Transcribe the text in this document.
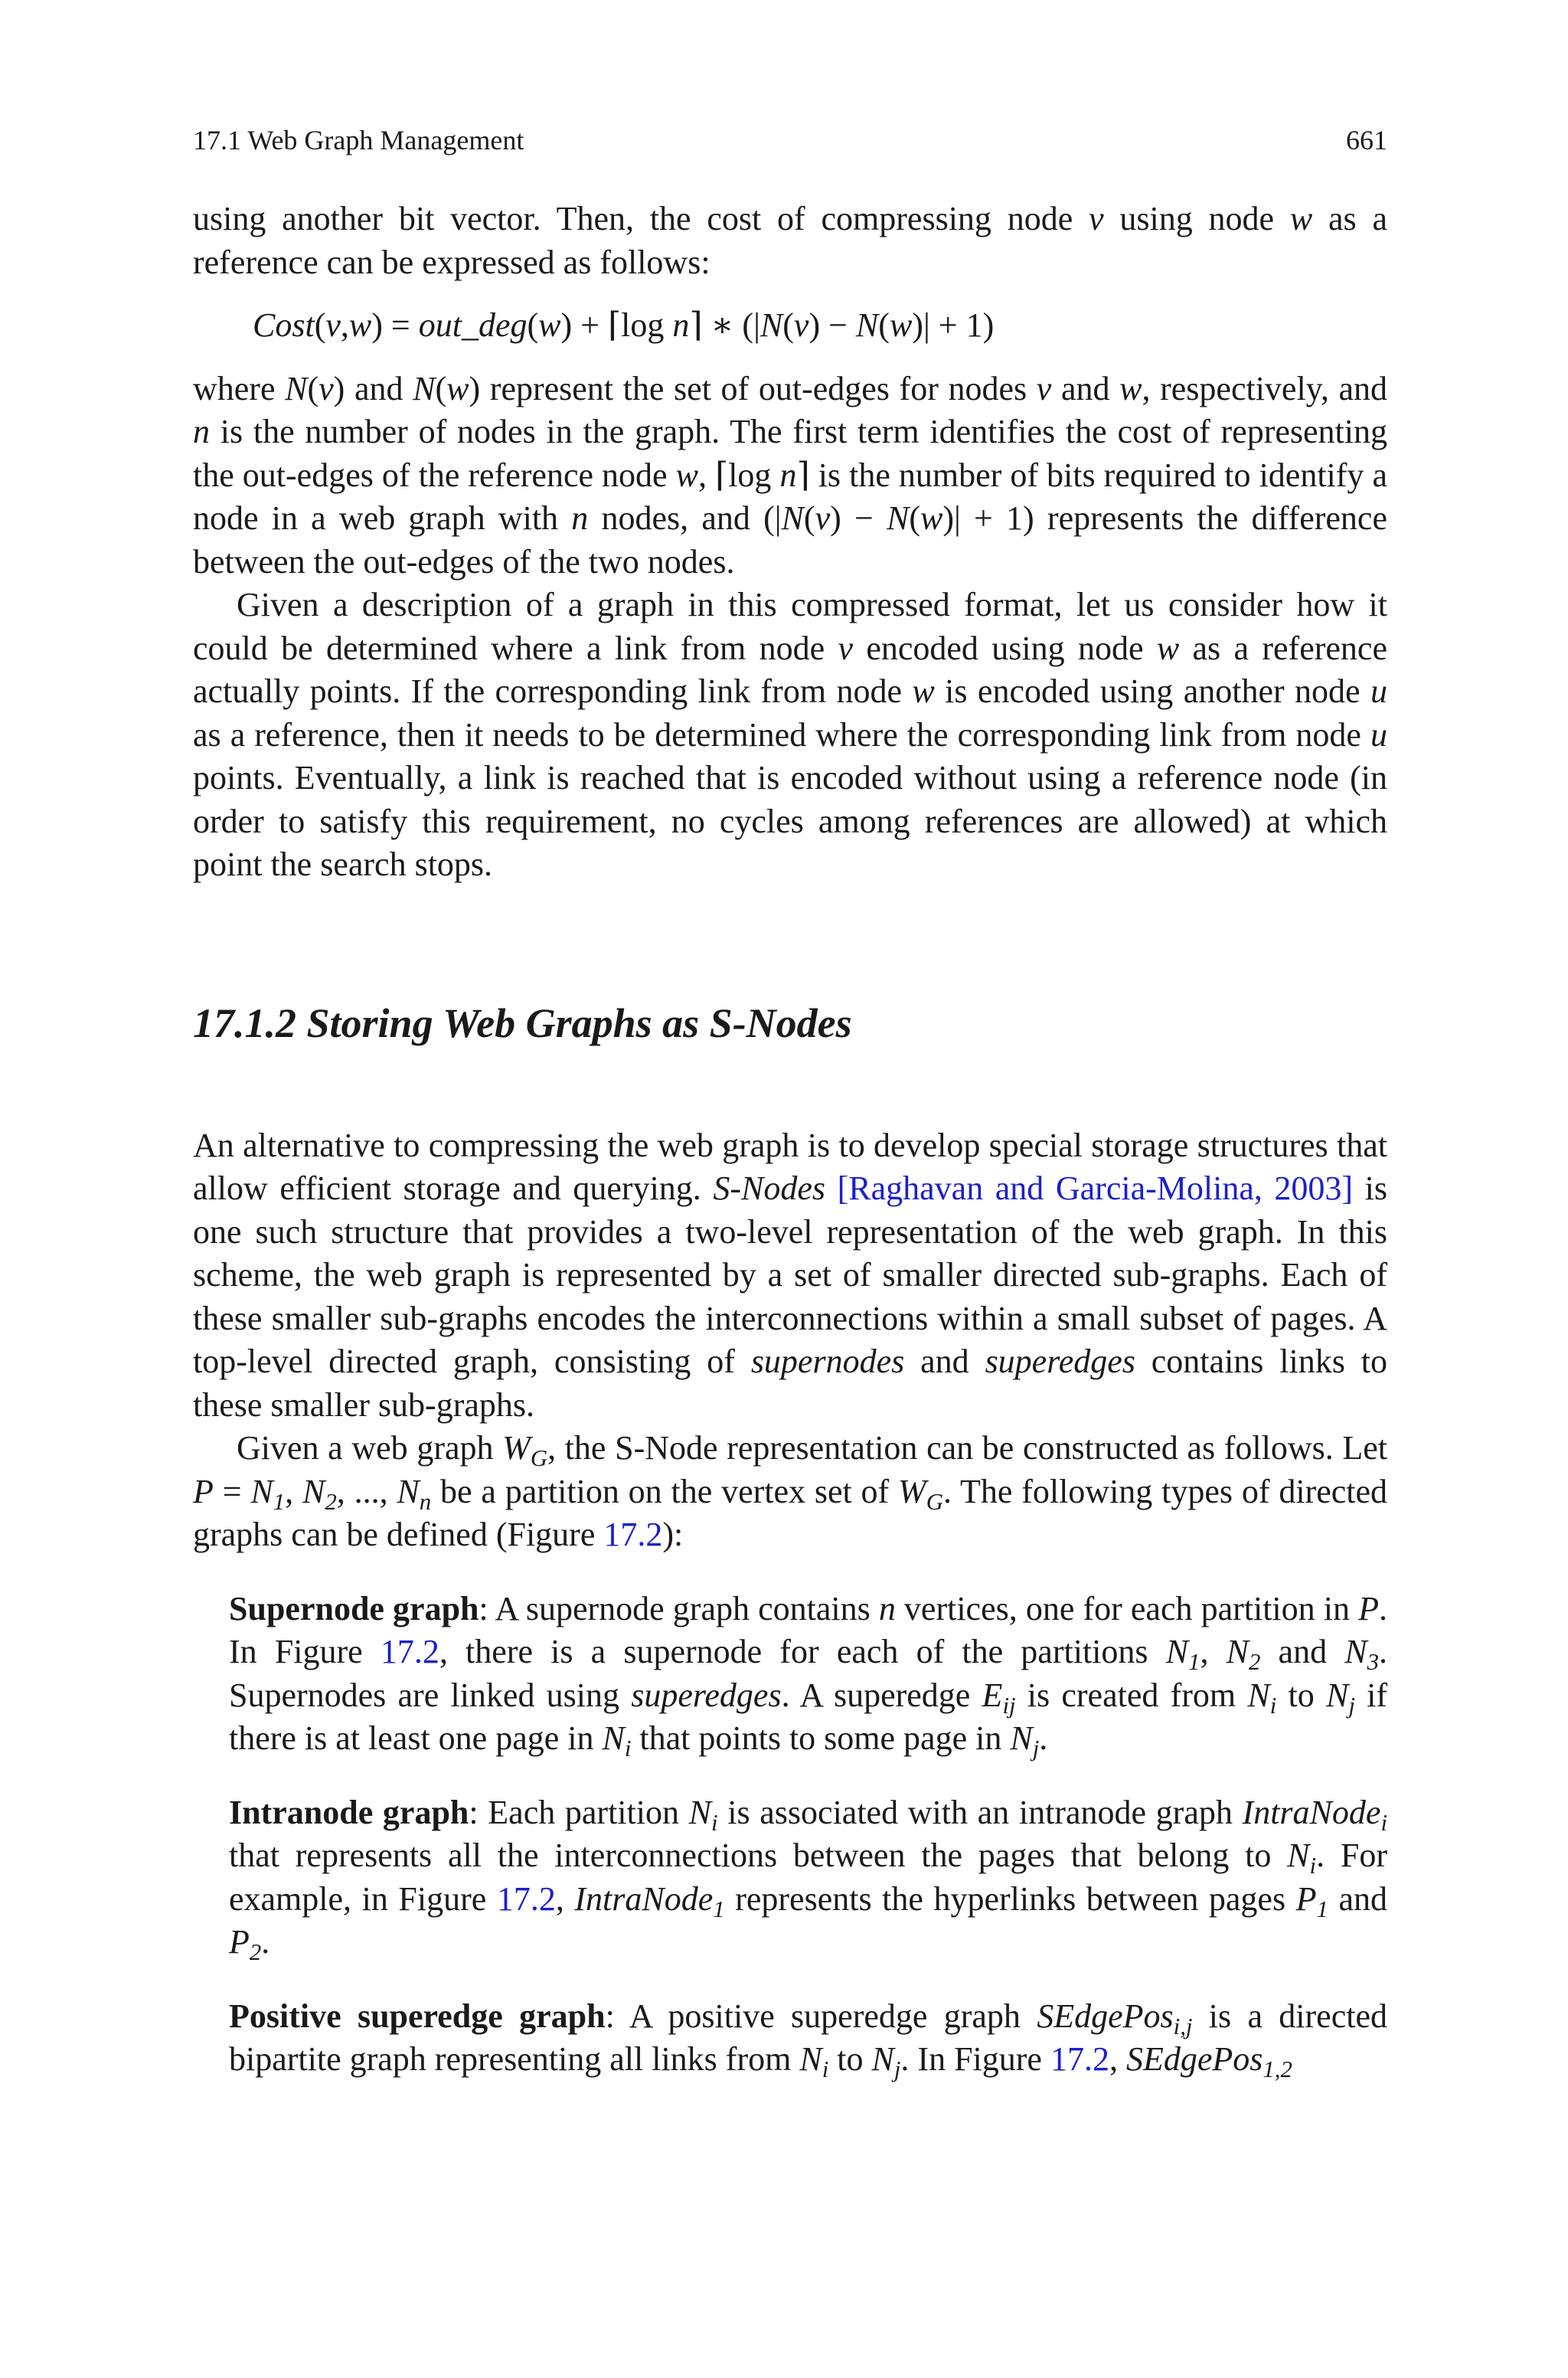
17.1 Web Graph Management	661

using another bit vector. Then, the cost of compressing node v using node w as a reference can be expressed as follows:

Cost(v,w) = out_deg(w) + ⌈log n⌉ ∗ (|N(v) − N(w)| + 1)

where N(v) and N(w) represent the set of out-edges for nodes v and w, respectively, and n is the number of nodes in the graph. The first term identifies the cost of representing the out-edges of the reference node w, ⌈log n⌉ is the number of bits required to identify a node in a web graph with n nodes, and (|N(v) − N(w)| + 1) represents the difference between the out-edges of the two nodes.

Given a description of a graph in this compressed format, let us consider how it could be determined where a link from node v encoded using node w as a reference actually points. If the corresponding link from node w is encoded using another node u as a reference, then it needs to be determined where the corresponding link from node u points. Eventually, a link is reached that is encoded without using a reference node (in order to satisfy this requirement, no cycles among references are allowed) at which point the search stops.

17.1.2 Storing Web Graphs as S-Nodes

An alternative to compressing the web graph is to develop special storage structures that allow efficient storage and querying. S-Nodes [Raghavan and Garcia-Molina, 2003] is one such structure that provides a two-level representation of the web graph. In this scheme, the web graph is represented by a set of smaller directed sub-graphs. Each of these smaller sub-graphs encodes the interconnections within a small subset of pages. A top-level directed graph, consisting of supernodes and superedges contains links to these smaller sub-graphs.

Given a web graph $W_G$, the S-Node representation can be constructed as follows. Let $P = N_1$, $N_2$, ..., $N_n$ be a partition on the vertex set of $W_G$. The following types of directed graphs can be defined (Figure 17.2):

Supernode graph: A supernode graph contains n vertices, one for each partition in P. In Figure 17.2, there is a supernode for each of the partitions $N_1$, $N_2$ and $N_3$. Supernodes are linked using superedges. A superedge $E_{ij}$ is created from $N_i$ to $N_j$ if there is at least one page in $N_i$ that points to some page in $N_j$.

Intranode graph: Each partition $N_i$ is associated with an intranode graph IntraNode$_i$ that represents all the interconnections between the pages that belong to $N_i$. For example, in Figure 17.2, IntraNode$_1$ represents the hyperlinks between pages $P_1$ and $P_2$.

Positive superedge graph: A positive superedge graph SEdgePos$_{i,j}$ is a directed bipartite graph representing all links from $N_i$ to $N_j$. In Figure 17.2, SEdgePos$_{1,2}$
